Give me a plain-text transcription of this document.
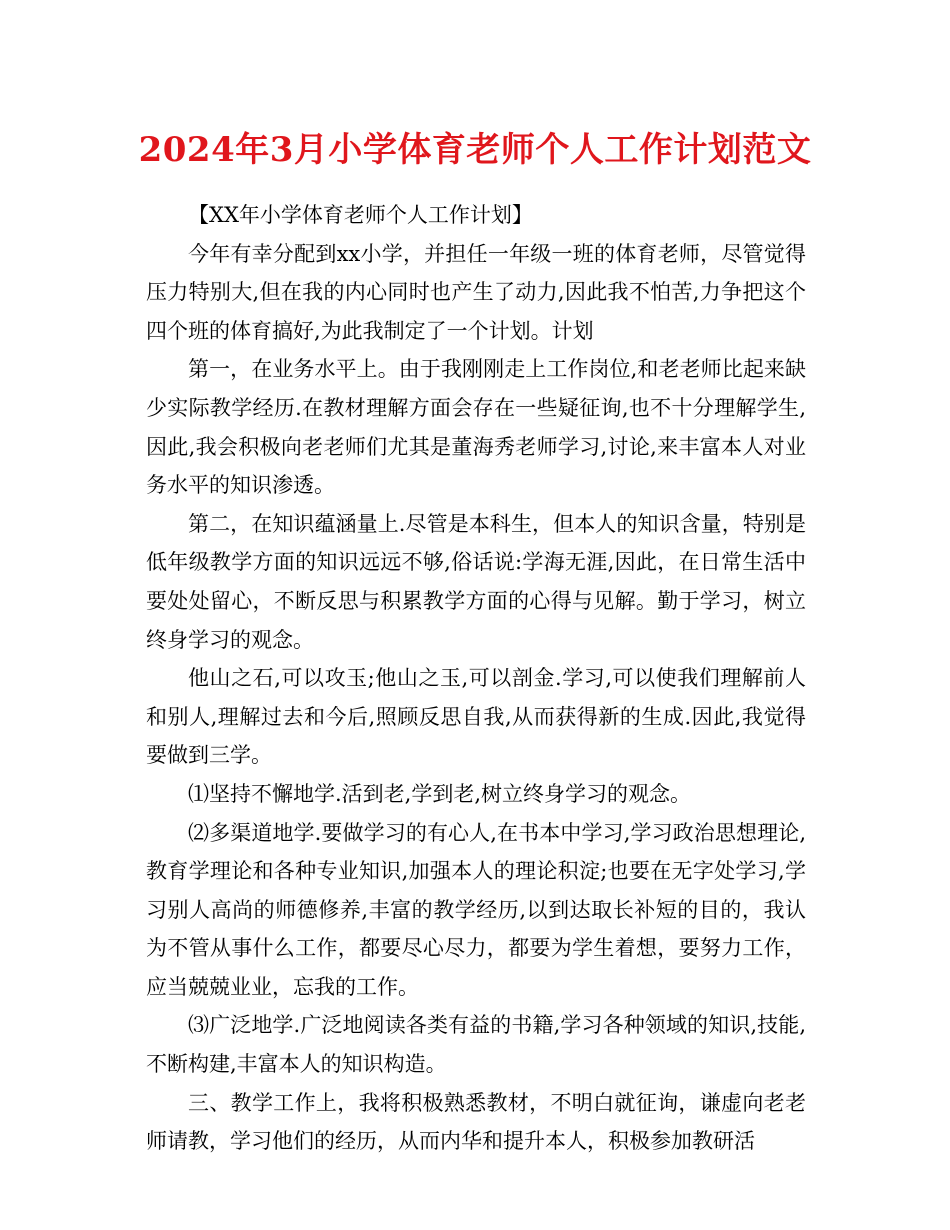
2024年3月小学体育老师个人工作计划范文

【XX年小学体育老师个人工作计划】

今年有幸分配到xx小学，并担任一年级一班的体育老师，尽管觉得压力特别大,但在我的内心同时也产生了动力,因此我不怕苦,力争把这个四个班的体育搞好,为此我制定了一个计划。计划

第一，在业务水平上。由于我刚刚走上工作岗位,和老老师比起来缺少实际教学经历.在教材理解方面会存在一些疑征询,也不十分理解学生,因此,我会积极向老老师们尤其是董海秀老师学习,讨论,来丰富本人对业务水平的知识渗透。

第二，在知识蕴涵量上.尽管是本科生，但本人的知识含量，特别是低年级教学方面的知识远远不够,俗话说:学海无涯,因此，在日常生活中要处处留心，不断反思与积累教学方面的心得与见解。勤于学习，树立终身学习的观念。

他山之石,可以攻玉;他山之玉,可以剖金.学习,可以使我们理解前人和别人,理解过去和今后,照顾反思自我,从而获得新的生成.因此,我觉得要做到三学。

⑴坚持不懈地学.活到老,学到老,树立终身学习的观念。

⑵多渠道地学.要做学习的有心人,在书本中学习,学习政治思想理论,教育学理论和各种专业知识,加强本人的理论积淀;也要在无字处学习,学习别人高尚的师德修养,丰富的教学经历,以到达取长补短的目的，我认为不管从事什么工作，都要尽心尽力，都要为学生着想，要努力工作，应当兢兢业业，忘我的工作。

⑶广泛地学.广泛地阅读各类有益的书籍,学习各种领域的知识,技能,不断构建,丰富本人的知识构造。

三、教学工作上，我将积极熟悉教材，不明白就征询，谦虚向老老师请教，学习他们的经历，从而内华和提升本人，积极参加教研活
